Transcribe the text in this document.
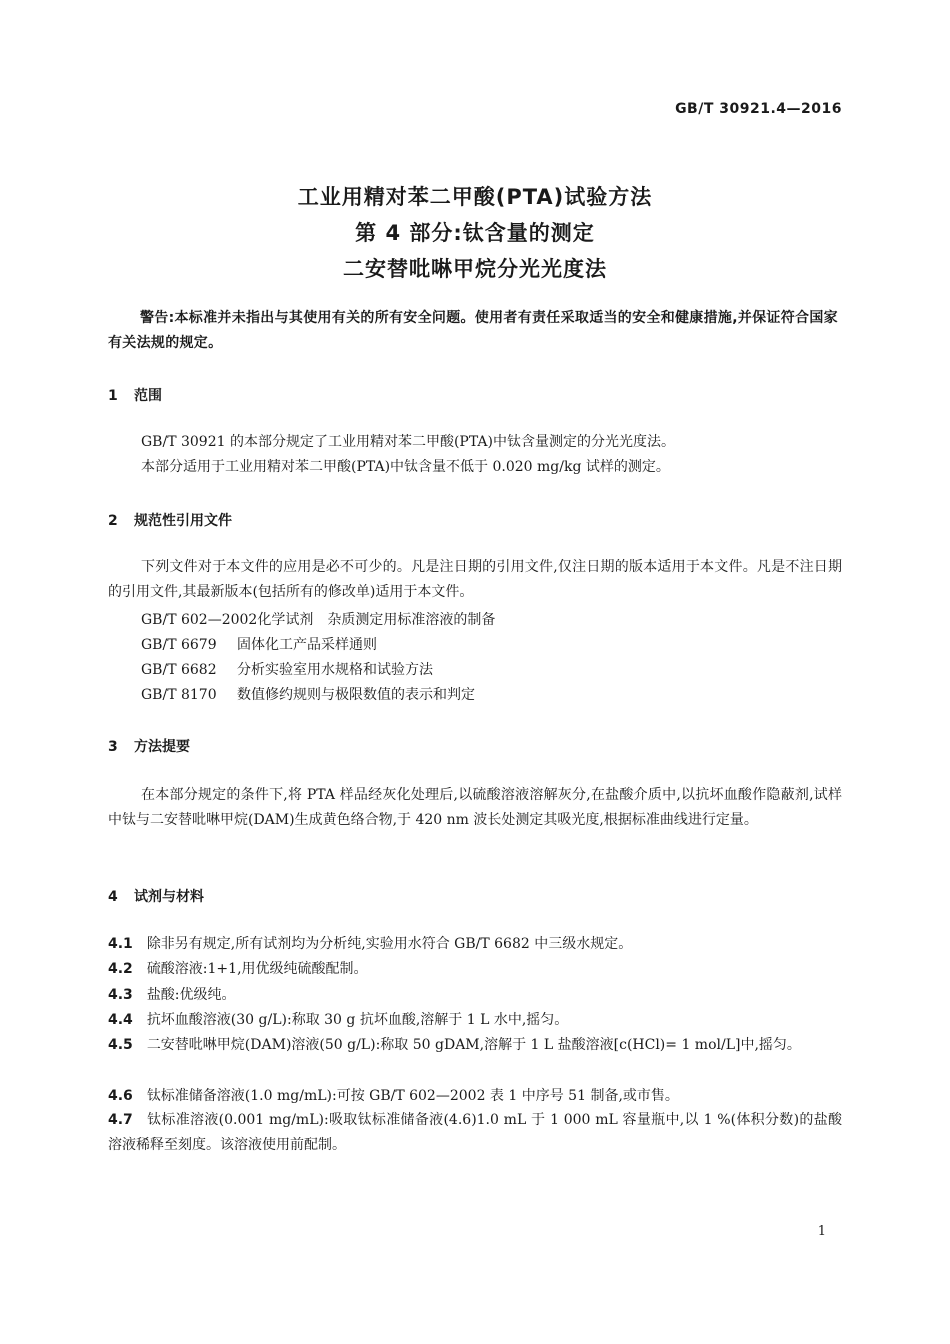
GB/T 30921.4—2016
工业用精对苯二甲酸(PTA)试验方法
第 4 部分:钛含量的测定
二安替吡啉甲烷分光光度法
警告:本标准并未指出与其使用有关的所有安全问题。使用者有责任采取适当的安全和健康措施,并保证符合国家有关法规的规定。
1 范围
GB/T 30921 的本部分规定了工业用精对苯二甲酸(PTA)中钛含量测定的分光光度法。
本部分适用于工业用精对苯二甲酸(PTA)中钛含量不低于 0.020 mg/kg 试样的测定。
2 规范性引用文件
下列文件对于本文件的应用是必不可少的。凡是注日期的引用文件,仅注日期的版本适用于本文件。凡是不注日期的引用文件,其最新版本(包括所有的修改单)适用于本文件。
GB/T 602—2002化学试剂　杂质测定用标准溶液的制备
GB/T 6679 固体化工产品采样通则
GB/T 6682 分析实验室用水规格和试验方法
GB/T 8170 数值修约规则与极限数值的表示和判定
3 方法提要
在本部分规定的条件下,将 PTA 样品经灰化处理后,以硫酸溶液溶解灰分,在盐酸介质中,以抗坏血酸作隐蔽剂,试样中钛与二安替吡啉甲烷(DAM)生成黄色络合物,于 420 nm 波长处测定其吸光度,根据标准曲线进行定量。
4 试剂与材料
4.1 除非另有规定,所有试剂均为分析纯,实验用水符合 GB/T 6682 中三级水规定。
4.2 硫酸溶液:1+1,用优级纯硫酸配制。
4.3 盐酸:优级纯。
4.4 抗坏血酸溶液(30 g/L):称取 30 g 抗坏血酸,溶解于 1 L 水中,摇匀。
4.5 二安替吡啉甲烷(DAM)溶液(50 g/L):称取 50 gDAM,溶解于 1 L 盐酸溶液[c(HCl)= 1 mol/L]中,摇匀。
4.6 钛标准储备溶液(1.0 mg/mL):可按 GB/T 602—2002 表 1 中序号 51 制备,或市售。
4.7 钛标准溶液(0.001 mg/mL):吸取钛标准储备液(4.6)1.0 mL 于 1 000 mL 容量瓶中,以 1 %(体积分数)的盐酸溶液稀释至刻度。该溶液使用前配制。
1
